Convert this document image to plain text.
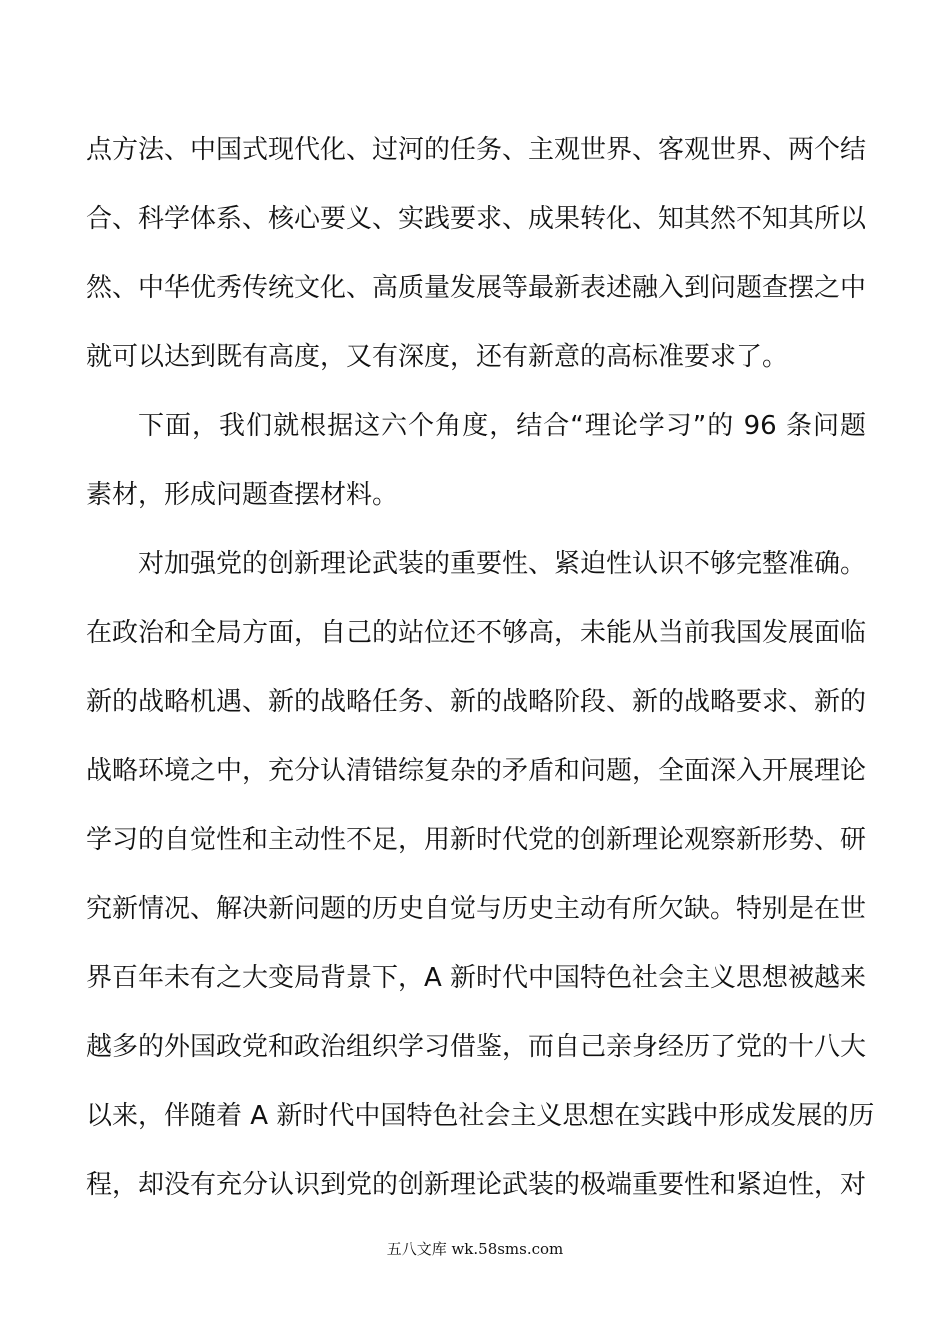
点方法、中国式现代化、过河的任务、主观世界、客观世界、两个结
合、科学体系、核心要义、实践要求、成果转化、知其然不知其所以
然、中华优秀传统文化、高质量发展等最新表述融入到问题查摆之中
就可以达到既有高度，又有深度，还有新意的高标准要求了。
下面，我们就根据这六个角度，结合“理论学习”的 96 条问题
素材，形成问题查摆材料。
对加强党的创新理论武装的重要性、紧迫性认识不够完整准确。
在政治和全局方面，自己的站位还不够高，未能从当前我国发展面临
新的战略机遇、新的战略任务、新的战略阶段、新的战略要求、新的
战略环境之中，充分认清错综复杂的矛盾和问题，全面深入开展理论
学习的自觉性和主动性不足，用新时代党的创新理论观察新形势、研
究新情况、解决新问题的历史自觉与历史主动有所欠缺。特别是在世
界百年未有之大变局背景下，A 新时代中国特色社会主义思想被越来
越多的外国政党和政治组织学习借鉴，而自己亲身经历了党的十八大
以来，伴随着 A 新时代中国特色社会主义思想在实践中形成发展的历
程，却没有充分认识到党的创新理论武装的极端重要性和紧迫性，对
五八文库 wk.58sms.com
